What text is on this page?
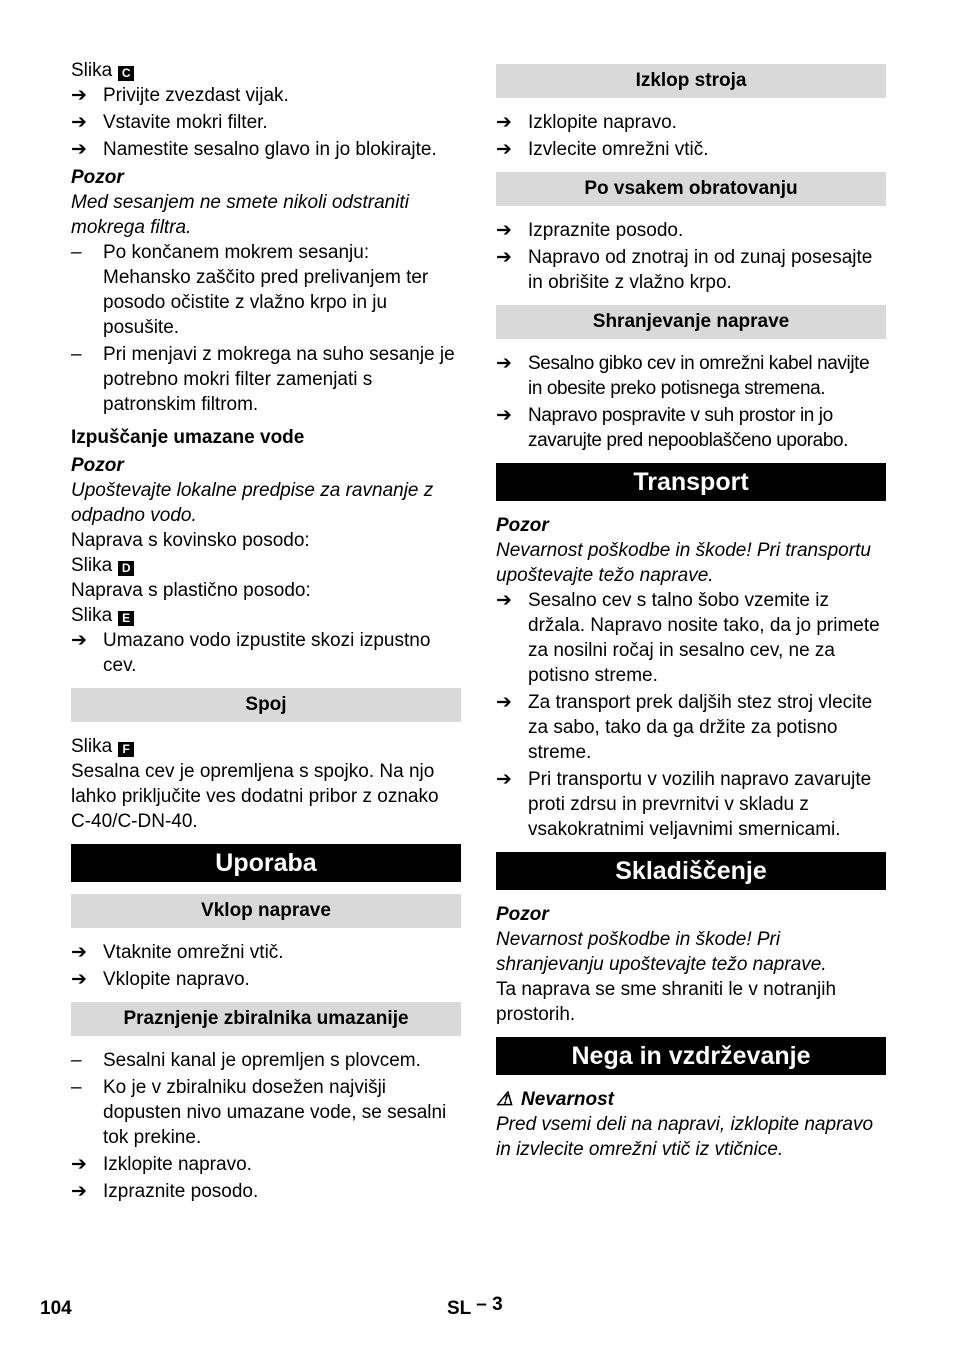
Slika C
➔ Privijte zvezdast vijak.
➔ Vstavite mokri filter.
➔ Namestite sesalno glavo in jo blokirajte.
Pozor
Med sesanjem ne smete nikoli odstraniti mokrega filtra.
–	Po končanem mokrem sesanju: Mehansko zaščito pred prelivanjem ter posodo očistite z vlažno krpo in ju posušite.
–	Pri menjavi z mokrega na suho sesanje je potrebno mokri filter zamenjati s patronskim filtrom.
Izpuščanje umazane vode
Pozor
Upoštevajte lokalne predpise za ravnanje z odpadno vodo.
Naprava s kovinsko posodo:
Slika D
Naprava s plastično posodo:
Slika E
➔ Umazano vodo izpustite skozi izpustno cev.
Spoj
Slika F
Sesalna cev je opremljena s spojko. Na njo lahko priključite ves dodatni pribor z oznako C-40/C-DN-40.
Uporaba
Vklop naprave
➔ Vtaknite omrežni vtič.
➔ Vklopite napravo.
Praznjenje zbiralnika umazanije
–	Sesalni kanal je opremljen s plovcem.
–	Ko je v zbiralniku dosežen najvišji dopusten nivo umazane vode, se sesalni tok prekine.
➔ Izklopite napravo.
➔ Izpraznite posodo.
Izklop stroja
➔ Izklopite napravo.
➔ Izvlecite omrežni vtič.
Po vsakem obratovanju
➔ Izpraznite posodo.
➔ Napravo od znotraj in od zunaj posesajte in obrišite z vlažno krpo.
Shranjevanje naprave
➔ Sesalno gibko cev in omrežni kabel navijte in obesite preko potisnega stremena.
➔ Napravo pospravite v suh prostor in jo zavarujte pred nepooblaščeno uporabo.
Transport
Pozor
Nevarnost poškodbe in škode! Pri transportu upoštevajte težo naprave.
➔ Sesalno cev s talno šobo vzemite iz držala. Napravo nosite tako, da jo primete za nosilni ročaj in sesalno cev, ne za potisno streme.
➔ Za transport prek daljših stez stroj vlecite za sabo, tako da ga držite za potisno streme.
➔ Pri transportu v vozilih napravo zavarujte proti zdrsu in prevrnitvi v skladu z vsakokratnimi veljavnimi smernicami.
Skladiščenje
Pozor
Nevarnost poškodbe in škode! Pri shranjevanju upoštevajte težo naprave.
Ta naprava se sme shraniti le v notranjih prostorih.
Nega in vzdrževanje
⚠ Nevarnost
Pred vsemi deli na napravi, izklopite napravo in izvlecite omrežni vtič iz vtičnice.
104	SL – 3
